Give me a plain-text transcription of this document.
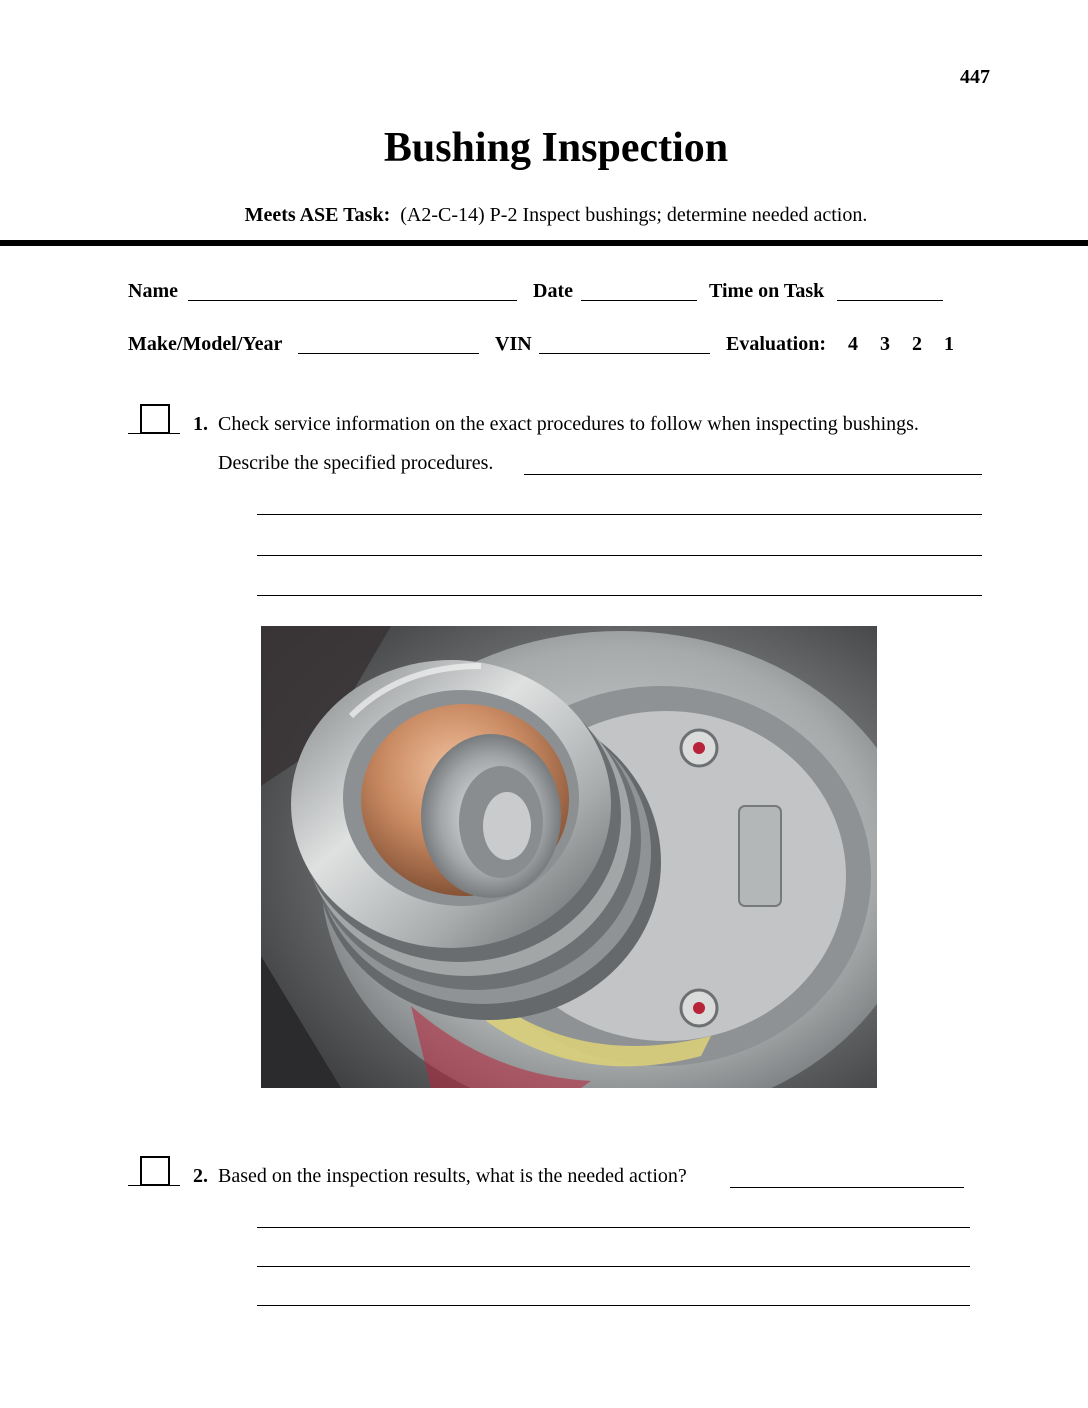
447
Bushing Inspection
Meets ASE Task: (A2-C-14) P-2 Inspect bushings; determine needed action.
Name	Date	Time on Task
Make/Model/Year	VIN	Evaluation: 4 3 2 1
1. Check service information on the exact procedures to follow when inspecting bushings.
Describe the specified procedures.
2. Based on the inspection results, what is the needed action?
